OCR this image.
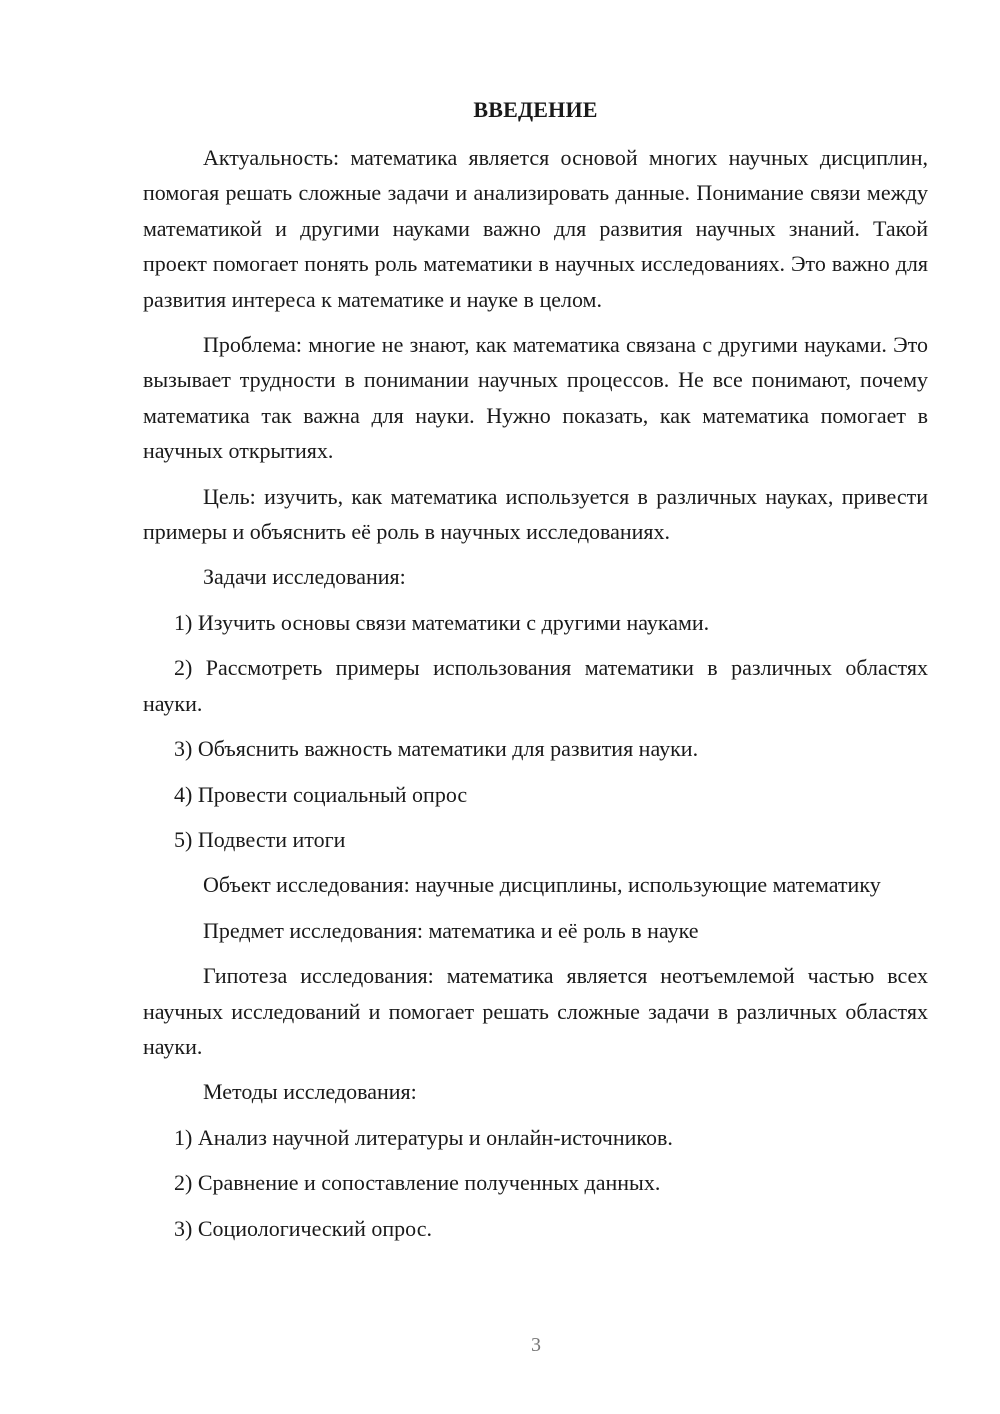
ВВЕДЕНИЕ

Актуальность: математика является основой многих научных дисциплин, помогая решать сложные задачи и анализировать данные. Понимание связи между математикой и другими науками важно для развития научных знаний. Такой проект помогает понять роль математики в научных исследованиях. Это важно для развития интереса к математике и науке в целом.

Проблема: многие не знают, как математика связана с другими науками. Это вызывает трудности в понимании научных процессов. Не все понимают, почему математика так важна для науки. Нужно показать, как математика помогает в научных открытиях.

Цель: изучить, как математика используется в различных науках, привести примеры и объяснить её роль в научных исследованиях.

Задачи исследования:

1) Изучить основы связи математики с другими науками.

2) Рассмотреть примеры использования математики в различных областях науки.

3) Объяснить важность математики для развития науки.

4) Провести социальный опрос

5) Подвести итоги

Объект исследования: научные дисциплины, использующие математику

Предмет исследования: математика и её роль в науке

Гипотеза исследования: математика является неотъемлемой частью всех научных исследований и помогает решать сложные задачи в различных областях науки.

Методы исследования:

1) Анализ научной литературы и онлайн-источников.

2) Сравнение и сопоставление полученных данных.

3) Социологический опрос.

3
